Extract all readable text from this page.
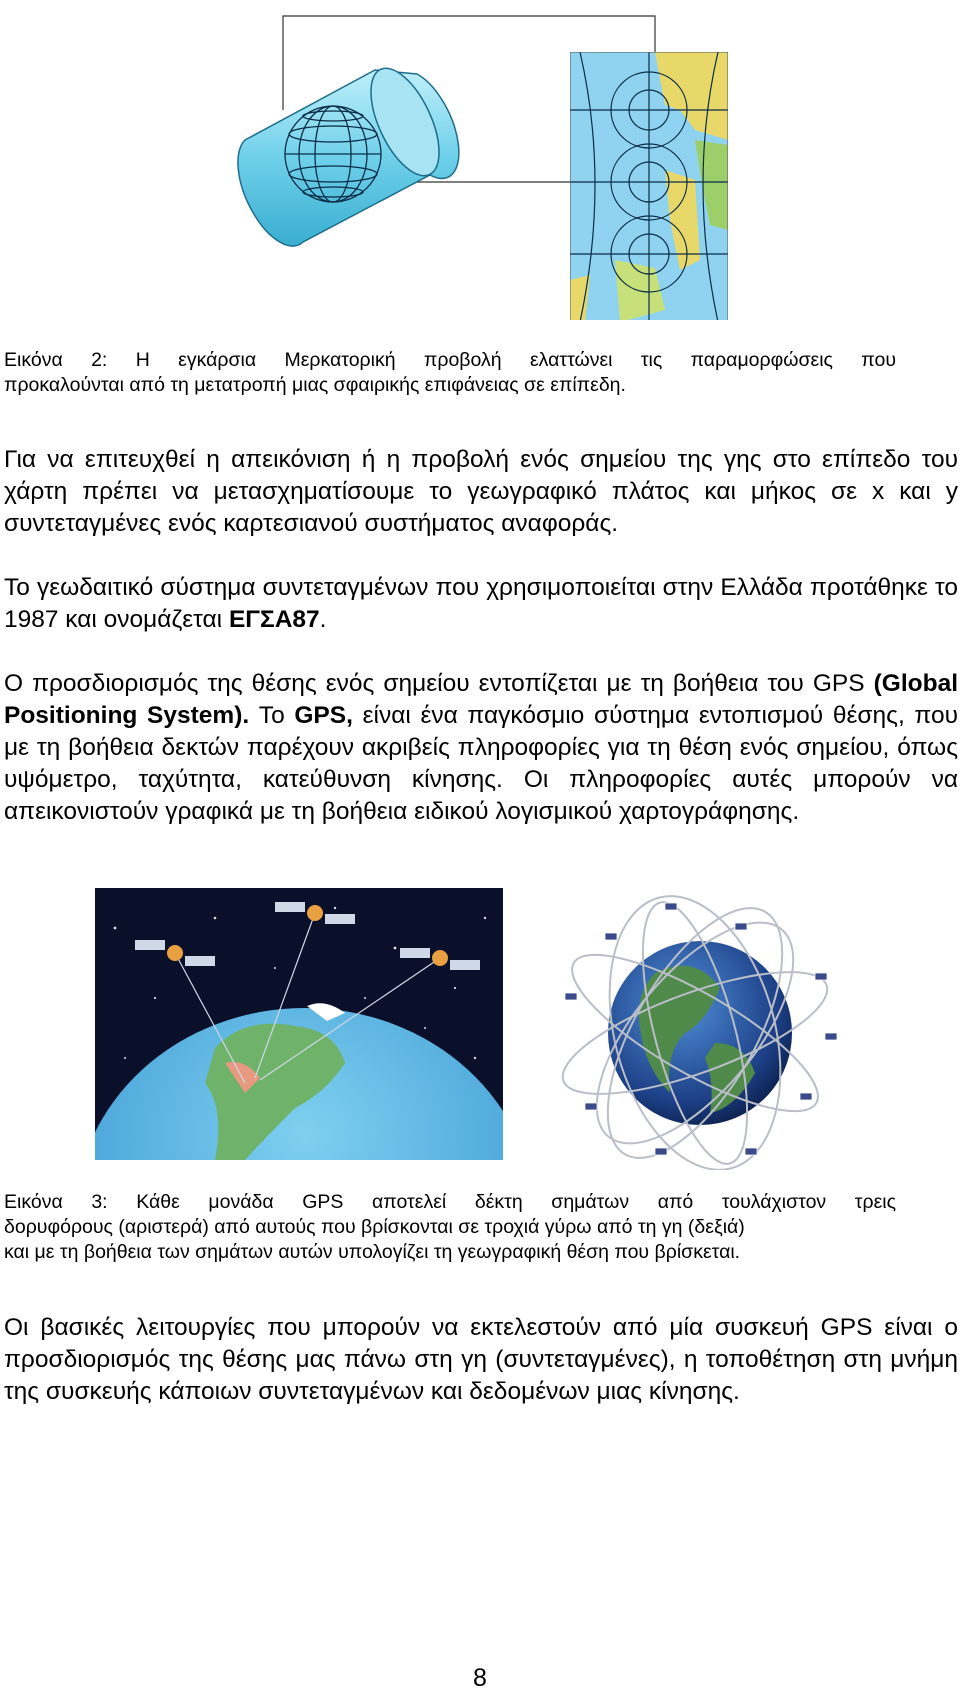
Εικόνα 2: Η εγκάρσια Μερκατορική προβολή ελαττώνει τις παραμορφώσεις που
προκαλούνται από τη μετατροπή μιας σφαιρικής επιφάνειας σε επίπεδη.
Για να επιτευχθεί η απεικόνιση ή η προβολή ενός σημείου της γης στο επίπεδο του χάρτη πρέπει να μετασχηματίσουμε το γεωγραφικό πλάτος και μήκος σε x και y συντεταγμένες ενός καρτεσιανού συστήματος αναφοράς.
Το γεωδαιτικό σύστημα συντεταγμένων που χρησιμοποιείται στην Ελλάδα προτάθηκε το 1987 και ονομάζεται ΕΓΣΑ87.
Ο προσδιορισμός της θέσης ενός σημείου εντοπίζεται με τη βοήθεια του GPS (Global Positioning System). Το GPS, είναι ένα παγκόσμιο σύστημα εντοπισμού θέσης, που με τη βοήθεια δεκτών παρέχουν ακριβείς πληροφορίες για τη θέση ενός σημείου, όπως υψόμετρο, ταχύτητα, κατεύθυνση κίνησης. Οι πληροφορίες αυτές μπορούν να απεικονιστούν γραφικά με τη βοήθεια ειδικού λογισμικού χαρτογράφησης.
Εικόνα 3: Κάθε μονάδα GPS αποτελεί δέκτη σημάτων από τουλάχιστον τρεις
δορυφόρους (αριστερά) από αυτούς που βρίσκονται σε τροχιά γύρω από τη γη (δεξιά)
και με τη βοήθεια των σημάτων αυτών υπολογίζει τη γεωγραφική θέση που βρίσκεται.
Οι βασικές λειτουργίες που μπορούν να εκτελεστούν από μία συσκευή GPS είναι ο προσδιορισμός της θέσης μας πάνω στη γη (συντεταγμένες), η τοποθέτηση στη μνήμη της συσκευής κάποιων συντεταγμένων και δεδομένων μιας κίνησης.
8
